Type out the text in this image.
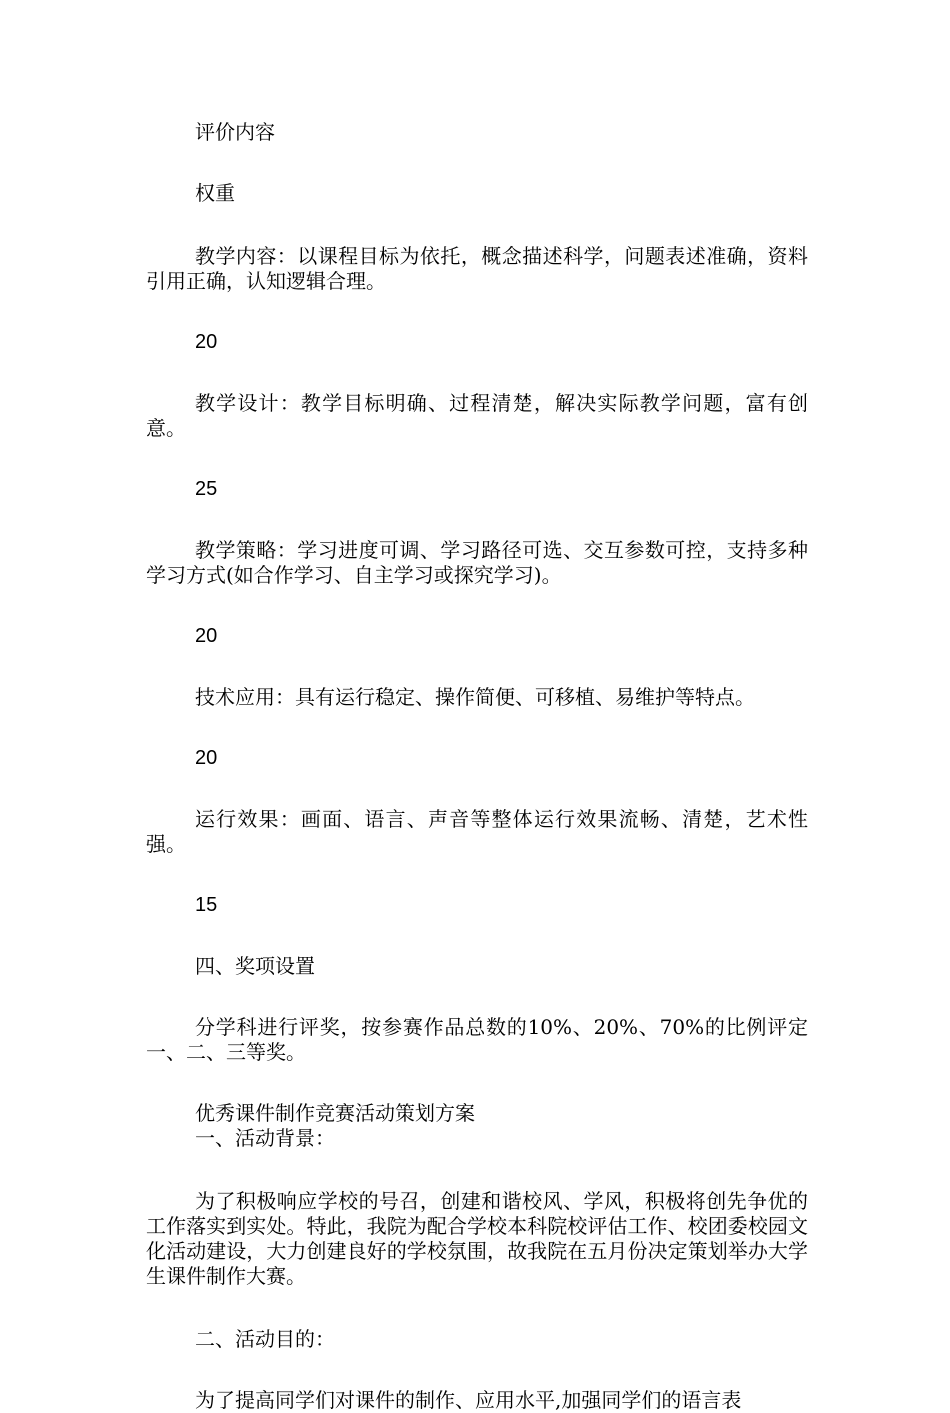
评价内容

权重

教学内容：以课程目标为依托，概念描述科学，问题表述准确，资料引用正确，认知逻辑合理。

20

教学设计：教学目标明确、过程清楚，解决实际教学问题，富有创意。

25

教学策略：学习进度可调、学习路径可选、交互参数可控，支持多种学习方式(如合作学习、自主学习或探究学习)。

20

技术应用：具有运行稳定、操作简便、可移植、易维护等特点。

20

运行效果：画面、语言、声音等整体运行效果流畅、清楚，艺术性强。

15

四、奖项设置

分学科进行评奖，按参赛作品总数的10%、20%、70%的比例评定一、二、三等奖。

优秀课件制作竞赛活动策划方案

一、活动背景：

为了积极响应学校的号召，创建和谐校风、学风，积极将创先争优的工作落实到实处。特此，我院为配合学校本科院校评估工作、校团委校园文化活动建设，大力创建良好的学校氛围，故我院在五月份决定策划举办大学生课件制作大赛。

二、活动目的：

为了提高同学们对课件的制作、应用水平,加强同学们的语言表
